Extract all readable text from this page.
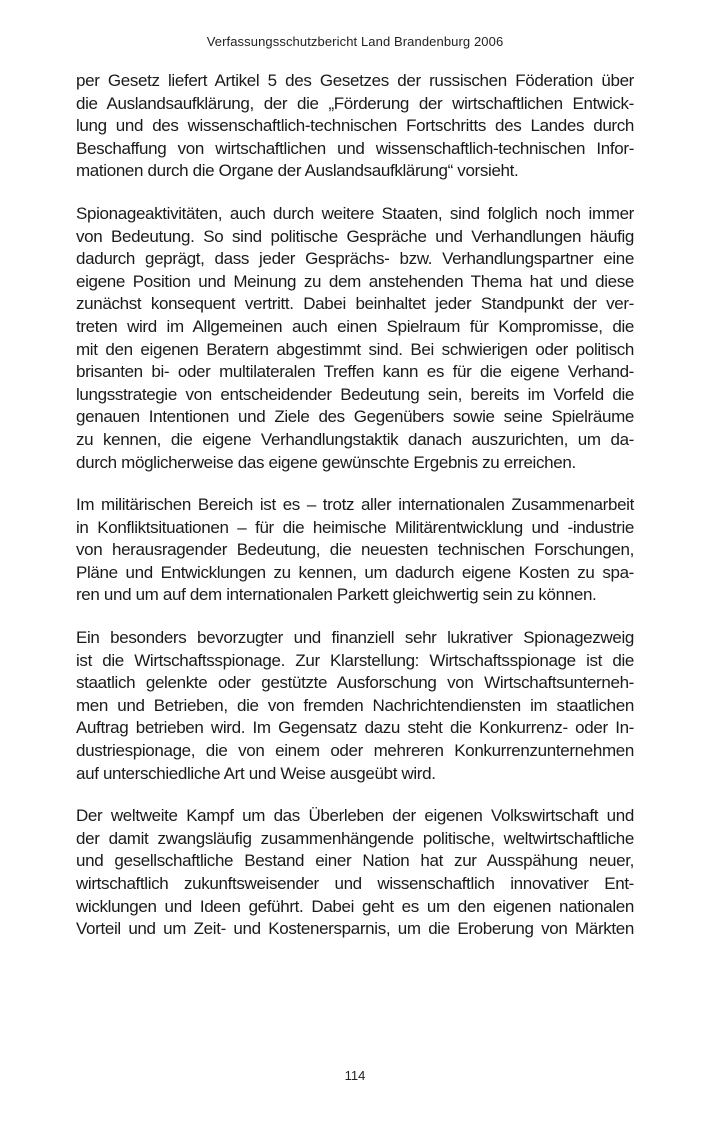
Verfassungsschutzbericht Land Brandenburg 2006
per Gesetz liefert Artikel 5 des Gesetzes der russischen Föderation über
die Auslandsaufklärung, der die „Förderung der wirtschaftlichen Entwick-
lung und des wissenschaftlich-technischen Fortschritts des Landes durch
Beschaffung von wirtschaftlichen und wissenschaftlich-technischen Infor-
mationen durch die Organe der Auslandsaufklärung“ vorsieht.
Spionageaktivitäten, auch durch weitere Staaten, sind folglich noch immer
von Bedeutung. So sind politische Gespräche und Verhandlungen häufig
dadurch geprägt, dass jeder Gesprächs- bzw. Verhandlungspartner eine
eigene Position und Meinung zu dem anstehenden Thema hat und diese
zunächst konsequent vertritt. Dabei beinhaltet jeder Standpunkt der ver-
treten wird im Allgemeinen auch einen Spielraum für Kompromisse, die
mit den eigenen Beratern abgestimmt sind. Bei schwierigen oder politisch
brisanten bi- oder multilateralen Treffen kann es für die eigene Verhand-
lungsstrategie von entscheidender Bedeutung sein, bereits im Vorfeld die
genauen Intentionen und Ziele des Gegenübers sowie seine Spielräume
zu kennen, die eigene Verhandlungstaktik danach auszurichten, um da-
durch möglicherweise das eigene gewünschte Ergebnis zu erreichen.
Im militärischen Bereich ist es – trotz aller internationalen Zusammenarbeit
in Konfliktsituationen – für die heimische Militärentwicklung und -industrie
von herausragender Bedeutung, die neuesten technischen Forschungen,
Pläne und Entwicklungen zu kennen, um dadurch eigene Kosten zu spa-
ren und um auf dem internationalen Parkett gleichwertig sein zu können.
Ein besonders bevorzugter und finanziell sehr lukrativer Spionagezweig
ist die Wirtschaftsspionage. Zur Klarstellung: Wirtschaftsspionage ist die
staatlich gelenkte oder gestützte Ausforschung von Wirtschaftsunterneh-
men und Betrieben, die von fremden Nachrichtendiensten im staatlichen
Auftrag betrieben wird. Im Gegensatz dazu steht die Konkurrenz- oder In-
dustriespionage, die von einem oder mehreren Konkurrenzunternehmen
auf unterschiedliche Art und Weise ausgeübt wird.
Der weltweite Kampf um das Überleben der eigenen Volkswirtschaft und
der damit zwangsläufig zusammenhängende politische, weltwirtschaftliche
und gesellschaftliche Bestand einer Nation hat zur Ausspähung neuer,
wirtschaftlich zukunftsweisender und wissenschaftlich innovativer Ent-
wicklungen und Ideen geführt. Dabei geht es um den eigenen nationalen
Vorteil und um Zeit- und Kostenersparnis, um die Eroberung von Märkten
114
